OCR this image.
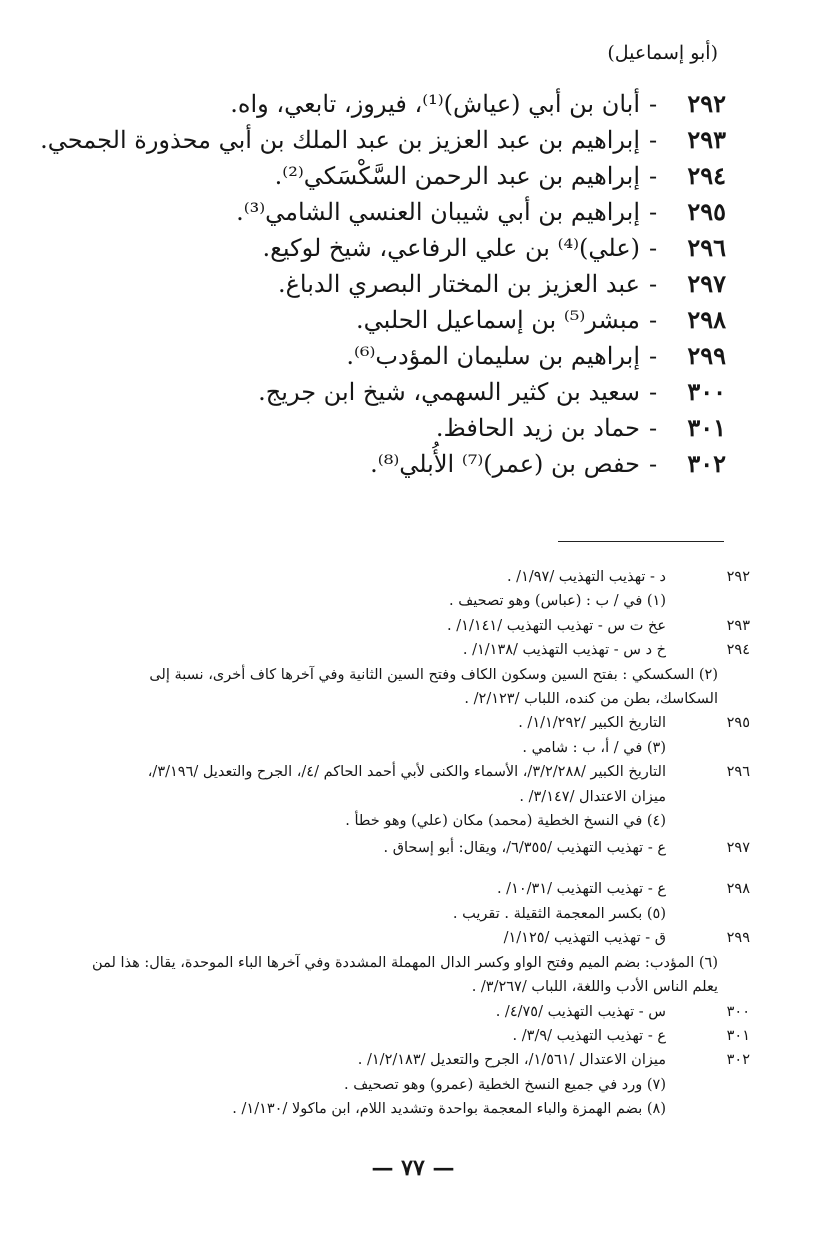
(أبو إسماعيل)
٢٩٢-أبان بن أبي (عياش)⁽¹⁾، فيروز، تابعي، واه.
٢٩٣-إبراهيم بن عبد العزيز بن عبد الملك بن أبي محذورة الجمحي.
٢٩٤-إبراهيم بن عبد الرحمن السَّكْسَكي⁽²⁾.
٢٩٥-إبراهيم بن أبي شيبان العنسي الشامي⁽³⁾.
٢٩٦-(علي)⁽⁴⁾ بن علي الرفاعي، شيخ لوكيع.
٢٩٧-عبد العزيز بن المختار البصري الدباغ.
٢٩٨-مبشر⁽⁵⁾ بن إسماعيل الحلبي.
٢٩٩-إبراهيم بن سليمان المؤدب⁽⁶⁾.
٣٠٠-سعيد بن كثير السهمي، شيخ ابن جريج.
٣٠١-حماد بن زيد الحافظ.
٣٠٢-حفص بن (عمر)⁽⁷⁾ الأُبلي⁽⁸⁾.
٢٩٢
د - تهذيب التهذيب /١/٩٧/ .
(١) في / ب : (عباس) وهو تصحيف .
٢٩٣
عخ ت س - تهذيب التهذيب /١/١٤١/ .
٢٩٤
خ د س - تهذيب التهذيب /١/١٣٨/ .
(٢) السكسكي : بفتح السين وسكون الكاف وفتح السين الثانية وفي آخرها كاف أخرى، نسبة إلى
السكاسك، بطن من كنده، اللباب /٢/١٢٣/ .
٢٩٥
التاريخ الكبير /١/١/٢٩٢/ .
(٣) في / أ، ب : شامي .
٢٩٦
التاريخ الكبير /٣/٢/٢٨٨/، الأسماء والكنى لأبي أحمد الحاكم /٤/، الجرح والتعديل /٣/١٩٦/،
ميزان الاعتدال /٣/١٤٧/ .
(٤) في النسخ الخطية (محمد) مكان (علي) وهو خطأ .
٢٩٧
ع - تهذيب التهذيب /٦/٣٥٥/، ويقال: أبو إسحاق .
٢٩٨
ع - تهذيب التهذيب /١٠/٣١/ .
(٥) بكسر المعجمة الثقيلة . تقريب .
٢٩٩
ق - تهذيب التهذيب /١/١٢٥/
(٦) المؤدب: بضم الميم وفتح الواو وكسر الدال المهملة المشددة وفي آخرها الباء الموحدة، يقال: هذا لمن
يعلم الناس الأدب واللغة، اللباب /٣/٢٦٧/ .
٣٠٠
س - تهذيب التهذيب /٤/٧٥/ .
٣٠١
ع - تهذيب التهذيب /٣/٩/ .
٣٠٢
ميزان الاعتدال /١/٥٦١/، الجرح والتعديل /١/٢/١٨٣/ .
(٧) ورد في جميع النسخ الخطية (عمرو) وهو تصحيف .
(٨) بضم الهمزة والباء المعجمة بواحدة وتشديد اللام، ابن ماكولا /١/١٣٠/ .
— ٧٧ —
